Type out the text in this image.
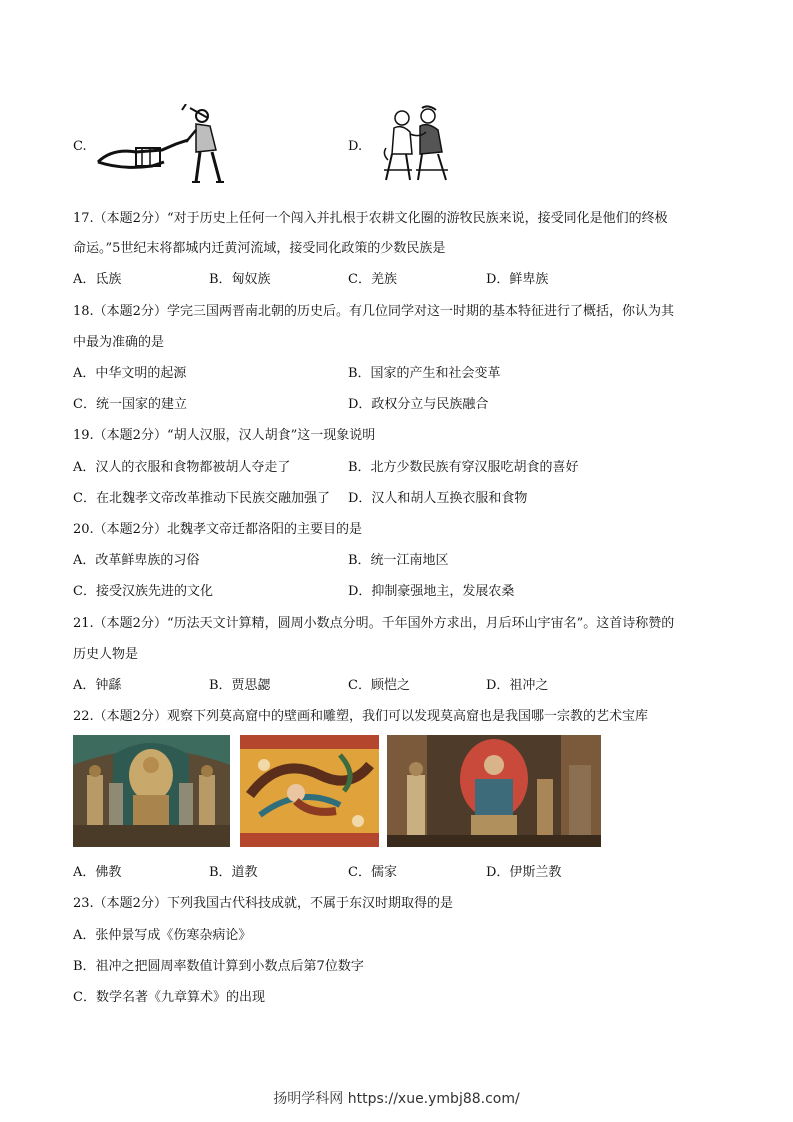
C.	D.
17.（本题2分）“对于历史上任何一个闯入并扎根于农耕文化圈的游牧民族来说，接受同化是他们的终极
命运。”5世纪末将都城内迁黄河流域，接受同化政策的少数民族是
A．氐族	B．匈奴族	C．羌族	D．鲜卑族
18.（本题2分）学完三国两晋南北朝的历史后。有几位同学对这一时期的基本特征进行了概括，你认为其
中最为准确的是
A．中华文明的起源	B．国家的产生和社会变革
C．统一国家的建立	D．政权分立与民族融合
19.（本题2分）“胡人汉服，汉人胡食”这一现象说明
A．汉人的衣服和食物都被胡人夺走了	B．北方少数民族有穿汉服吃胡食的喜好
C．在北魏孝文帝改革推动下民族交融加强了 D．汉人和胡人互换衣服和食物
20.（本题2分）北魏孝文帝迁都洛阳的主要目的是
A．改革鲜卑族的习俗	B．统一江南地区
C．接受汉族先进的文化	D．抑制豪强地主，发展农桑
21.（本题2分）“历法天文计算精，圆周小数点分明。千年国外方求出，月后环山宇宙名”。这首诗称赞的
历史人物是
A．钟繇	B．贾思勰	C．顾恺之	D．祖冲之
22.（本题2分）观察下列莫高窟中的壁画和雕塑，我们可以发现莫高窟也是我国哪一宗教的艺术宝库
A．佛教	B．道教	C．儒家	D．伊斯兰教
23.（本题2分）下列我国古代科技成就，不属于东汉时期取得的是
A．张仲景写成《伤寒杂病论》
B．祖冲之把圆周率数值计算到小数点后第7位数字
C．数学名著《九章算术》的出现
扬明学科网 https://xue.ymbj88.com/
